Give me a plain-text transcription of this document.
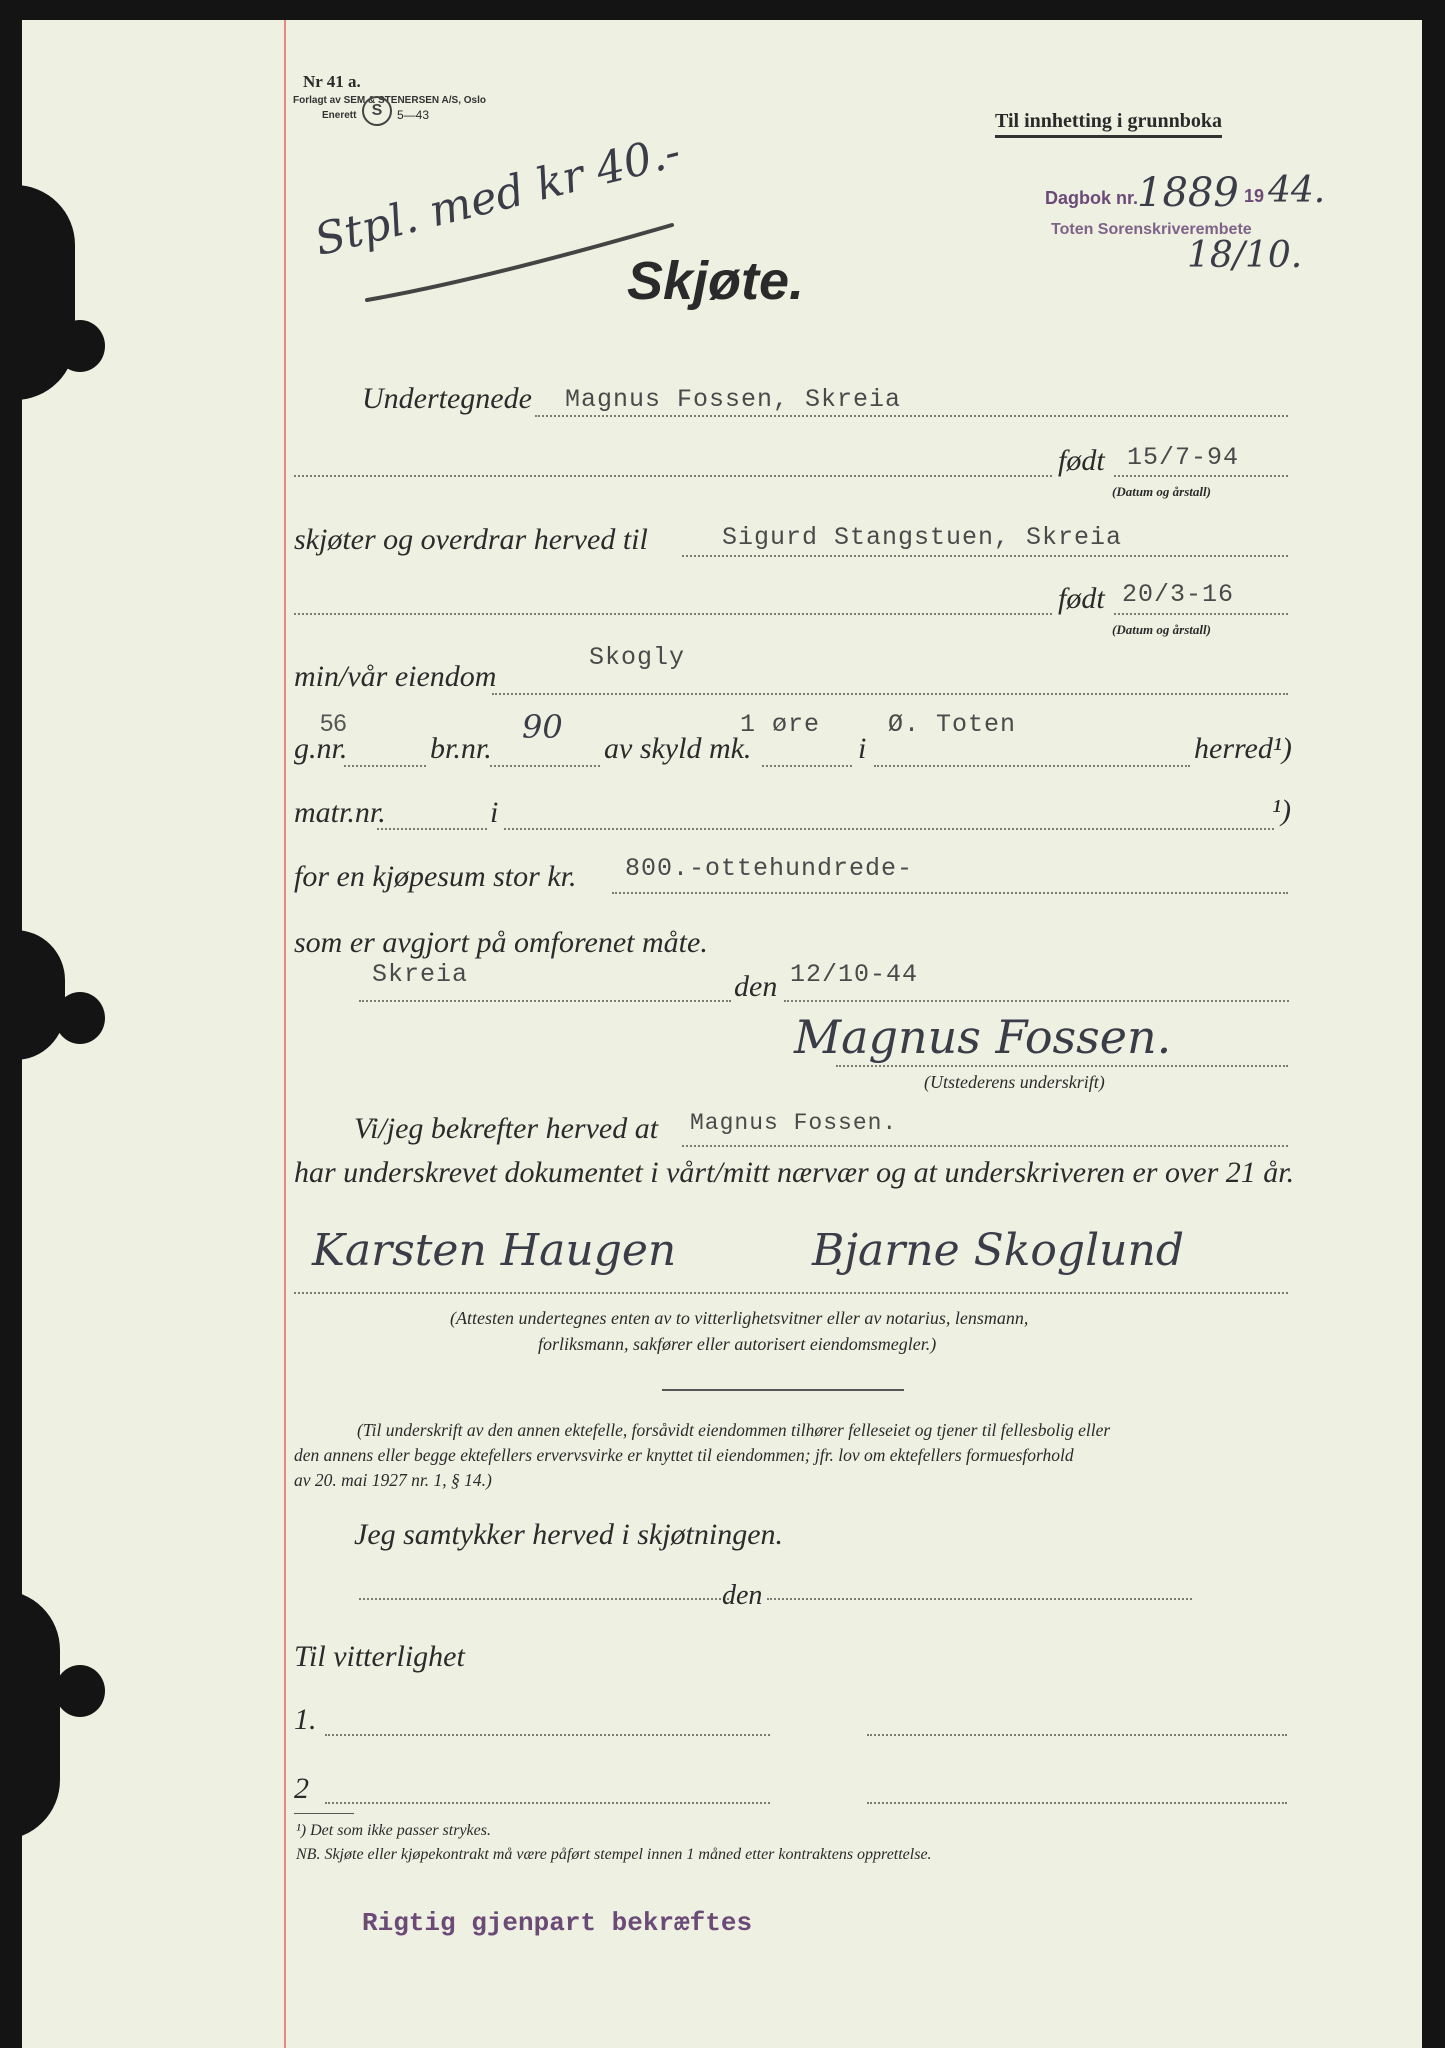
Nr 41 a.
Forlagt av SEM & STENERSEN A/S, Oslo
Enerett S	5—43	Til innhetting i grunnboka
Stpl. med kr 40.-	Dagbok nr.
1889 19 44.
Toten Sorenskriverembete
18/10.
Skjøte.
Undertegnede Magnus Fossen, Skreia
født 15/7-94
(Datum og årstall)
skjøter og overdrar herved til	Sigurd Stangstuen, Skreia
født 20/3-16
(Datum og årstall)
min/vår eiendom
Skogly
g.nr.
56
br.nr.
90
av skyld mk.
1 øre
i
Ø. Toten
herred¹)
matr.nr.	i	¹)
for en kjøpesum stor kr. 800.-ottehundrede-
som er avgjort på omforenet måte.
Skreia	den 12/10-44
Magnus Fossen.
(Utstederens underskrift)
Vi/jeg bekrefter herved at Magnus Fossen.
har underskrevet dokumentet i vårt/mitt nærvær og at underskriveren er over 21 år.
Karsten Haugen	Bjarne Skoglund
(Attesten undertegnes enten av to vitterlighetsvitner eller av notarius, lensmann,
forliksmann, sakfører eller autorisert eiendomsmegler.)
(Til underskrift av den annen ektefelle, forsåvidt eiendommen tilhører felleseiet og tjener til fellesbolig eller
den annens eller begge ektefellers ervervsvirke er knyttet til eiendommen; jfr. lov om ektefellers formuesforhold
av 20. mai 1927 nr. 1, § 14.)
Jeg samtykker herved i skjøtningen.
den
Til vitterlighet
1.
2
¹) Det som ikke passer strykes.
NB. Skjøte eller kjøpekontrakt må være påført stempel innen 1 måned etter kontraktens opprettelse.
Rigtig gjenpart bekræftes
